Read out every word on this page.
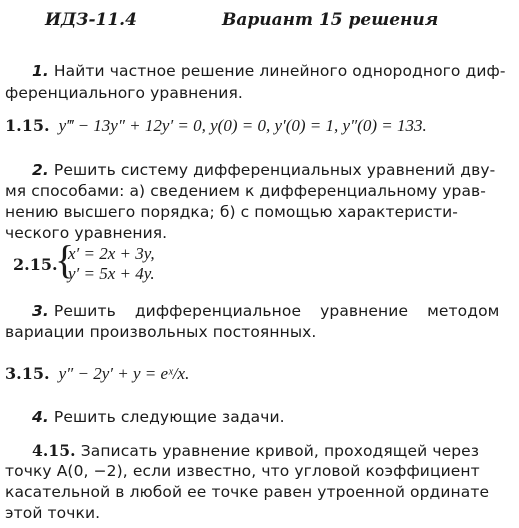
ИДЗ-11.4	Вариант 15 решения
1. Найти частное решение линейного однородного диф-
ференциального уравнения.
1.15. y‴ − 13y″ + 12y′ = 0, y(0) = 0, y′(0) = 1, y″(0) = 133.
2. Решить систему дифференциальных уравнений дву-
мя способами: а) сведением к дифференциальному урав-
нению высшего порядка; б) с помощью характеристи-
ческого уравнения.
2.15.
{
x′ = 2x + 3y,
y′ = 5x + 4y.
3. Решить дифференциальное уравнение методом
вариации произвольных постоянных.
3.15. y″ − 2y′ + y = eˣ/x.
4. Решить следующие задачи.
4.15. Записать уравнение кривой, проходящей через
точку A(0, −2), если известно, что угловой коэффициент
касательной в любой ее точке равен утроенной ординате
этой точки.
